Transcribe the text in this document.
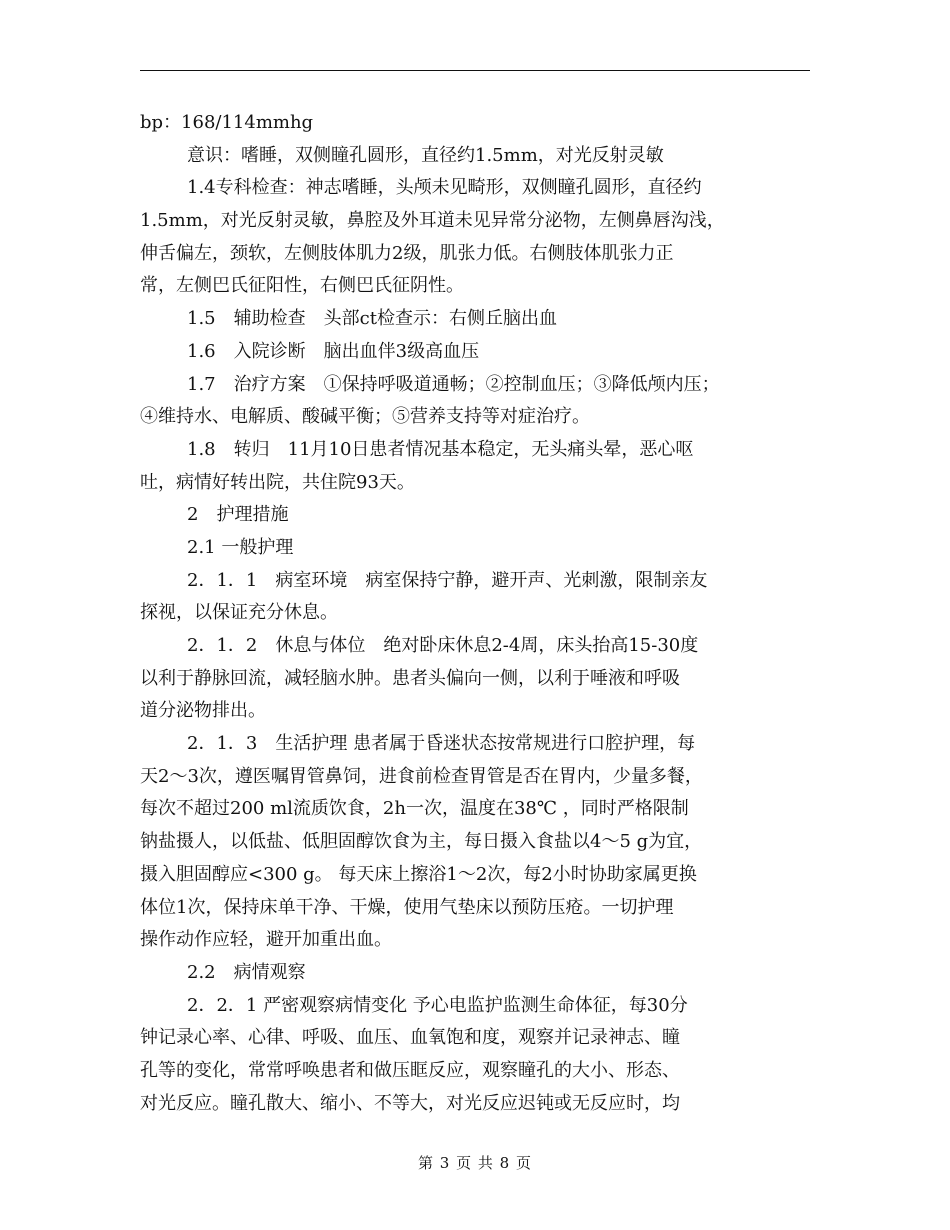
bp：168/114mmhg
意识：嗜睡，双侧瞳孔圆形，直径约1.5mm，对光反射灵敏
1.4专科检查：神志嗜睡，头颅未见畸形，双侧瞳孔圆形，直径约
1.5mm，对光反射灵敏，鼻腔及外耳道未见异常分泌物，左侧鼻唇沟浅，
伸舌偏左，颈软，左侧肢体肌力2级，肌张力低。右侧肢体肌张力正
常，左侧巴氏征阳性，右侧巴氏征阴性。
1.5　辅助检查　头部ct检查示：右侧丘脑出血
1.6　入院诊断　脑出血伴3级高血压
1.7　治疗方案　①保持呼吸道通畅；②控制血压；③降低颅内压；
④维持水、电解质、酸碱平衡；⑤营养支持等对症治疗。
1.8　转归　11月10日患者情况基本稳定，无头痛头晕，恶心呕
吐，病情好转出院，共住院93天。
2　护理措施
2.1 一般护理
2．1．1　病室环境　病室保持宁静，避开声、光刺激，限制亲友
探视，以保证充分休息。
2．1．2　休息与体位　绝对卧床休息2-4周，床头抬高15-30度
以利于静脉回流，减轻脑水肿。患者头偏向一侧，以利于唾液和呼吸
道分泌物排出。
2．1．3　生活护理 患者属于昏迷状态按常规进行口腔护理，每
天2～3次，遵医嘱胃管鼻饲，进食前检查胃管是否在胃内，少量多餐，
每次不超过200 ml流质饮食，2h一次，温度在38℃ ，同时严格限制
钠盐摄人，以低盐、低胆固醇饮食为主，每日摄入食盐以4～5 g为宜，
摄入胆固醇应<300 g。 每天床上擦浴1～2次，每2小时协助家属更换
体位1次，保持床单干净、干燥，使用气垫床以预防压疮。一切护理
操作动作应轻，避开加重出血。
2.2　病情观察
2．2．1 严密观察病情变化 予心电监护监测生命体征，每30分
钟记录心率、心律、呼吸、血压、血氧饱和度，观察并记录神志、瞳
孔等的变化，常常呼唤患者和做压眶反应，观察瞳孔的大小、形态、
对光反应。瞳孔散大、缩小、不等大，对光反应迟钝或无反应时，均
第 3 页 共 8 页
